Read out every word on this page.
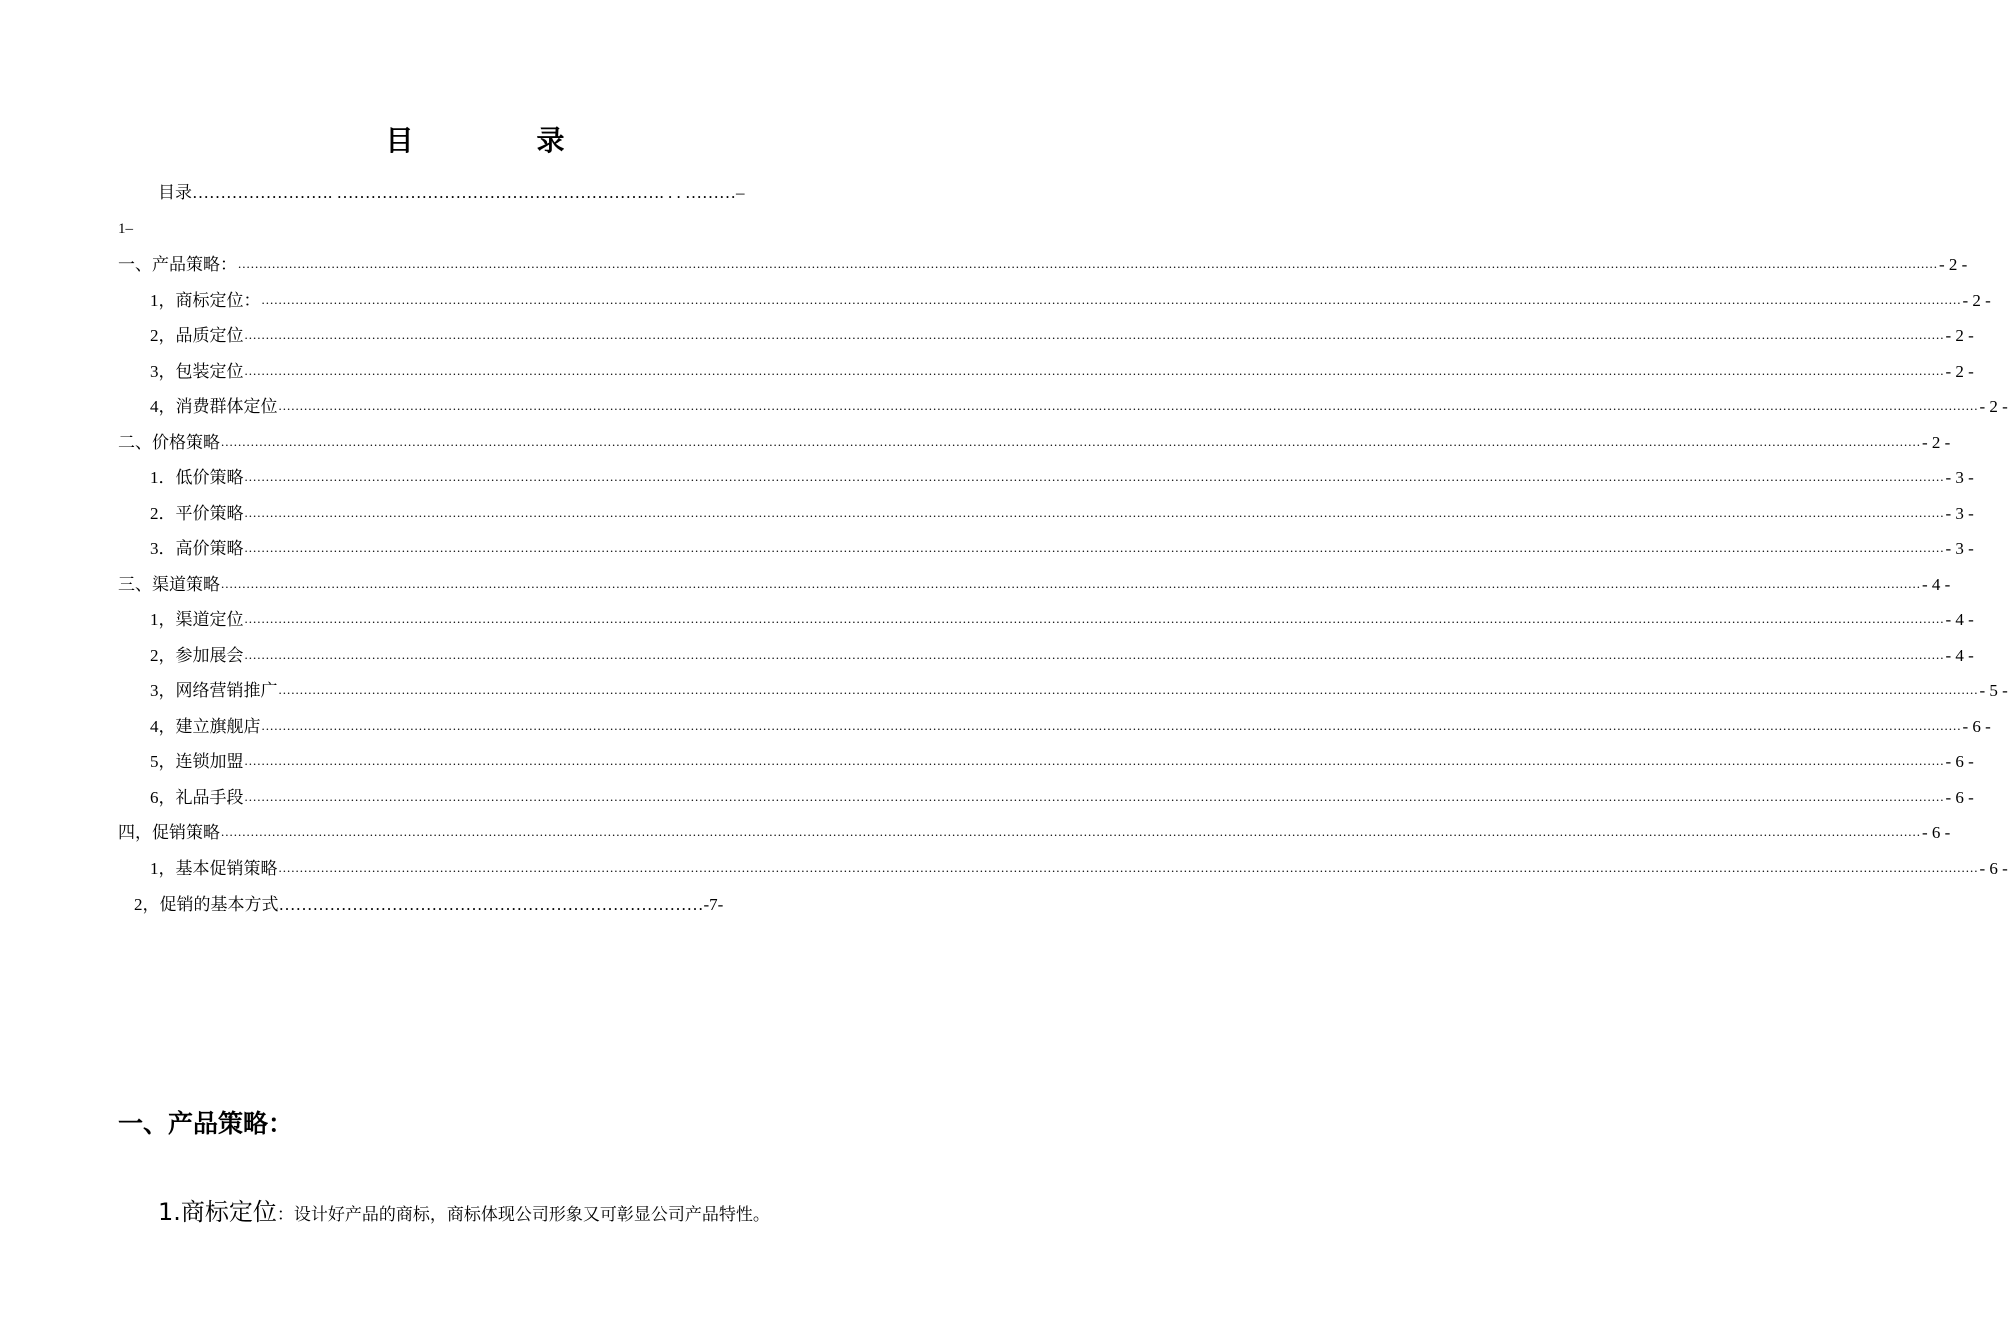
目 录
目录……………………. …………………………………………………. . . ………–
1–
一、产品策略： ................................................................................................................................................................................................................................................................................................................................................................................................................ - 2 -
1，商标定位： ................................................................................................................................................................................................................................................................................................................................................................................................................ - 2 -
2，品质定位 ................................................................................................................................................................................................................................................................................................................................................................................................................ - 2 -
3，包装定位 ................................................................................................................................................................................................................................................................................................................................................................................................................ - 2 -
4，消费群体定位 ................................................................................................................................................................................................................................................................................................................................................................................................................ - 2 -
二、价格策略 ................................................................................................................................................................................................................................................................................................................................................................................................................ - 2 -
1．低价策略 ................................................................................................................................................................................................................................................................................................................................................................................................................ - 3 -
2．平价策略 ................................................................................................................................................................................................................................................................................................................................................................................................................ - 3 -
3．高价策略 ................................................................................................................................................................................................................................................................................................................................................................................................................ - 3 -
三、渠道策略 ................................................................................................................................................................................................................................................................................................................................................................................................................ - 4 -
1，渠道定位 ................................................................................................................................................................................................................................................................................................................................................................................................................ - 4 -
2，参加展会 ................................................................................................................................................................................................................................................................................................................................................................................................................ - 4 -
3，网络营销推广 ................................................................................................................................................................................................................................................................................................................................................................................................................ - 5 -
4，建立旗舰店 ................................................................................................................................................................................................................................................................................................................................................................................................................ - 6 -
5，连锁加盟 ................................................................................................................................................................................................................................................................................................................................................................................................................ - 6 -
6，礼品手段 ................................................................................................................................................................................................................................................................................................................................................................................................................ - 6 -
四，促销策略 ................................................................................................................................................................................................................................................................................................................................................................................................................ - 6 -
1，基本促销策略 ................................................................................................................................................................................................................................................................................................................................................................................................................ - 6 -
2，促销的基本方式…………………………………………………………………-7-
一、产品策略：
1.商标定位：设计好产品的商标，商标体现公司形象又可彰显公司产品特性。
